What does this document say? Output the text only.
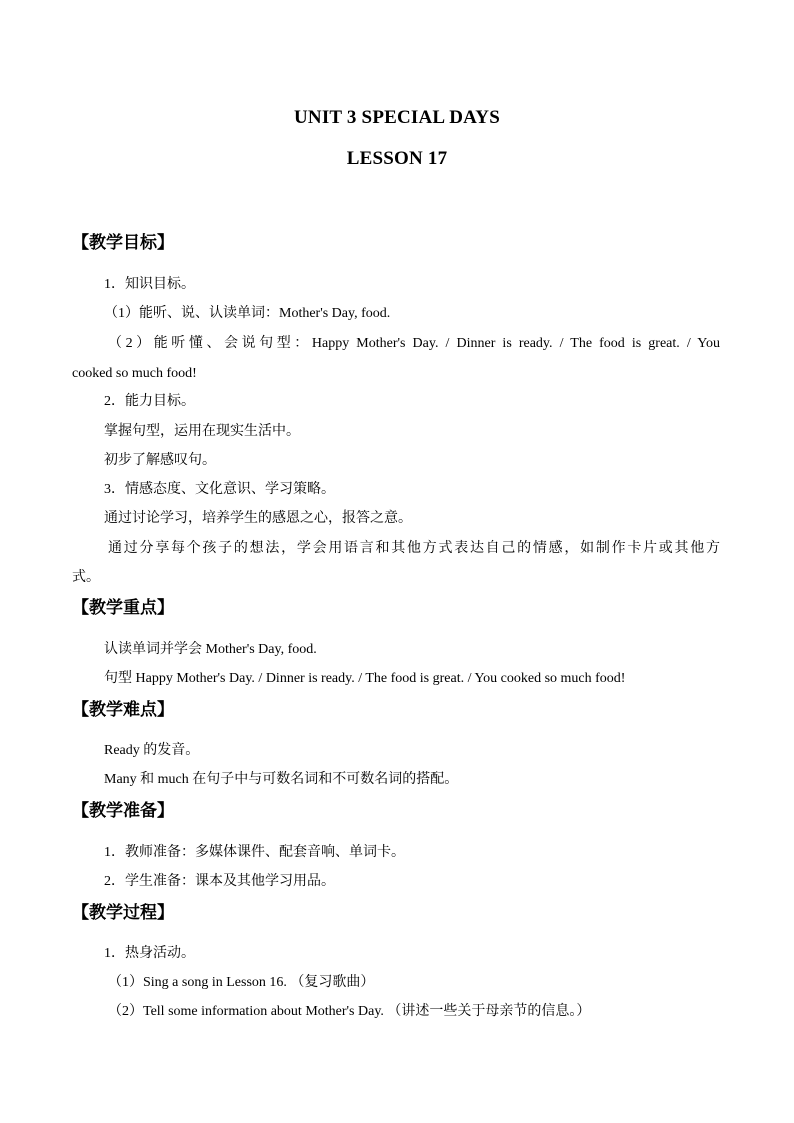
UNIT 3 SPECIAL DAYS
LESSON 17
【教学目标】
1．知识目标。
（1）能听、说、认读单词：Mother's Day, food.
（2）能听懂、会说句型：Happy Mother's Day. / Dinner is ready. / The food is great. / You
cooked so much food!
2．能力目标。
掌握句型，运用在现实生活中。
初步了解感叹句。
3．情感态度、文化意识、学习策略。
通过讨论学习，培养学生的感恩之心，报答之意。
通过分享每个孩子的想法，学会用语言和其他方式表达自己的情感，如制作卡片或其他方
式。
【教学重点】
认读单词并学会 Mother's Day, food.
句型 Happy Mother's Day. / Dinner is ready. / The food is great. / You cooked so much food!
【教学难点】
Ready 的发音。
Many 和 much 在句子中与可数名词和不可数名词的搭配。
【教学准备】
1．教师准备：多媒体课件、配套音响、单词卡。
2．学生准备：课本及其他学习用品。
【教学过程】
1．热身活动。
（1）Sing a song in Lesson 16. （复习歌曲）
（2）Tell some information about Mother's Day. （讲述一些关于母亲节的信息。）
